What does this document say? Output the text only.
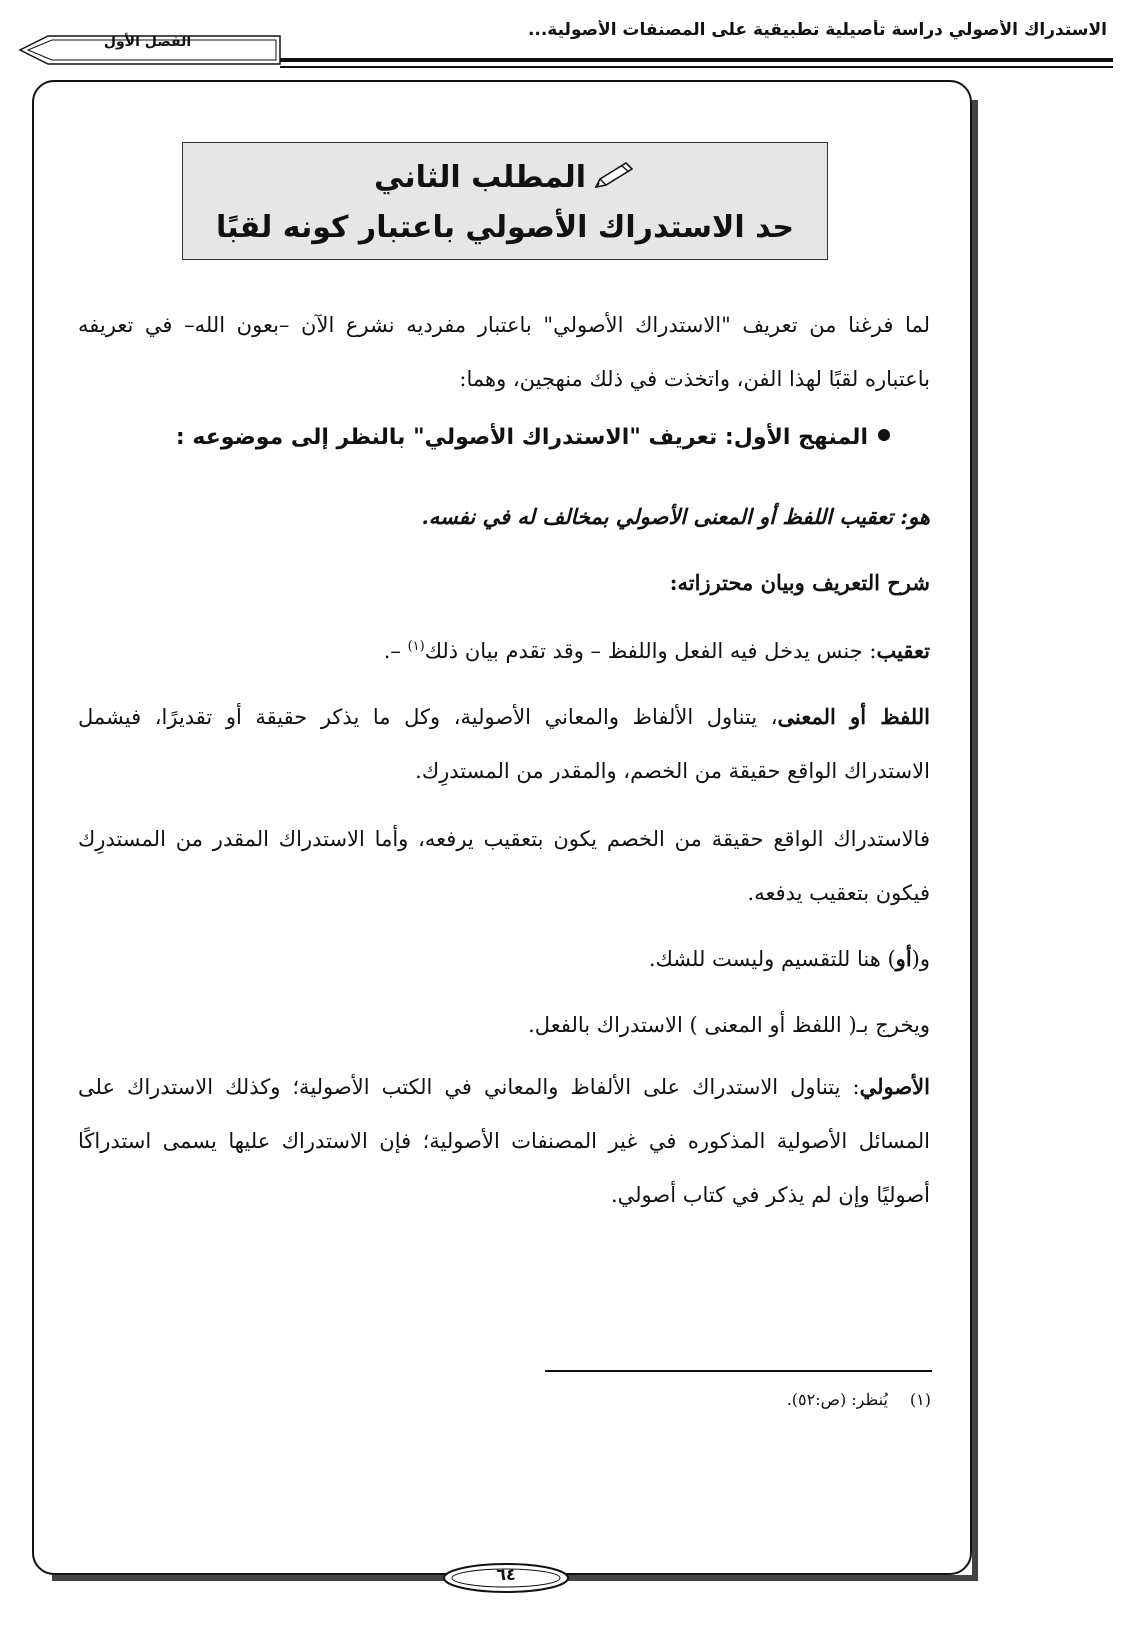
الاستدراك الأصولي دراسة تأصيلية تطبيقية على المصنفات الأصولية...
الفصل الأول
المطلب الثاني
حد الاستدراك الأصولي باعتبار كونه لقبًا
لما فرغنا من تعريف "الاستدراك الأصولي" باعتبار مفرديه نشرع الآن –بعون الله– في تعريفه باعتباره لقبًا لهذا الفن، واتخذت في ذلك منهجين، وهما:
المنهج الأول: تعريف "الاستدراك الأصولي" بالنظر إلى موضوعه :
هو: تعقيب اللفظ أو المعنى الأصولي بمخالف له في نفسه.
شرح التعريف وبيان محترزاته:
تعقيب: جنس يدخل فيه الفعل واللفظ – وقد تقدم بيان ذلك$^{(١)}$ –.
اللفظ أو المعنى، يتناول الألفاظ والمعاني الأصولية، وكل ما يذكر حقيقة أو تقديرًا، فيشمل الاستدراك الواقع حقيقة من الخصم، والمقدر من المستدرِك.
فالاستدراك الواقع حقيقة من الخصم يكون بتعقيب يرفعه، وأما الاستدراك المقدر من المستدرِك فيكون بتعقيب يدفعه.
و(أو) هنا للتقسيم وليست للشك.
ويخرج بـ( اللفظ أو المعنى ) الاستدراك بالفعل.
الأصولي: يتناول الاستدراك على الألفاظ والمعاني في الكتب الأصولية؛ وكذلك الاستدراك على المسائل الأصولية المذكوره في غير المصنفات الأصولية؛ فإن الاستدراك عليها يسمى استدراكًا أصوليًا وإن لم يذكر في كتاب أصولي.
(١)يُنظر: (ص:٥٢).
٦٤
